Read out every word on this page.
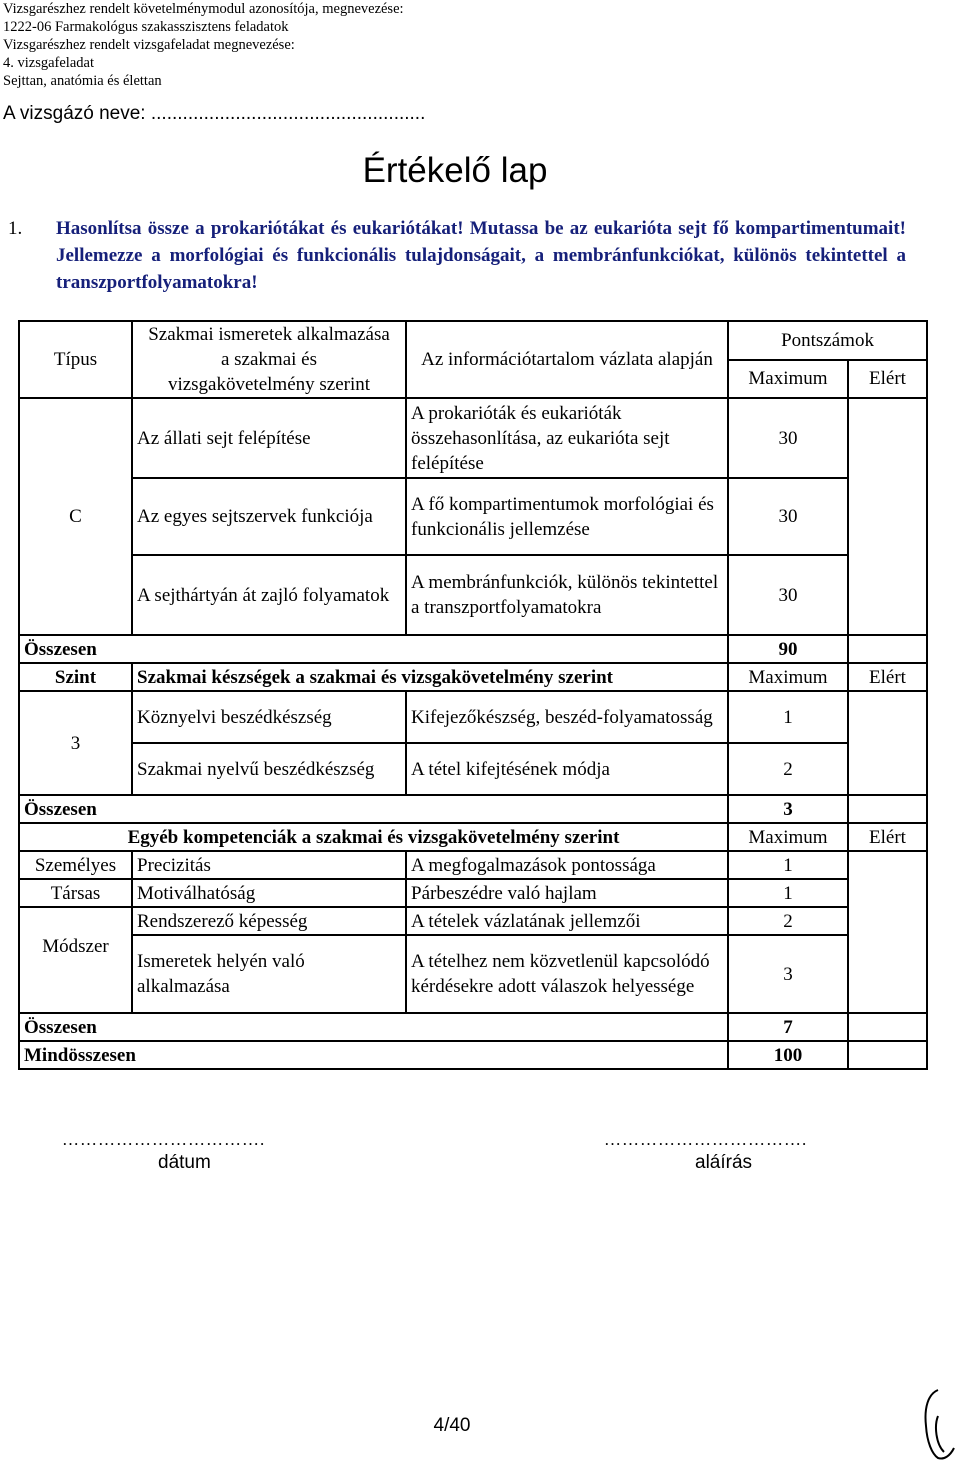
Vizsgarészhez rendelt követelménymodul azonosítója, megnevezése:
1222-06 Farmakológus szakasszisztens feladatok
Vizsgarészhez rendelt vizsgafeladat megnevezése:
4. vizsgafeladat
Sejttan, anatómia és élettan
A vizsgázó neve: ....................................................
Értékelő lap
1. Hasonlítsa össze a prokariótákat és eukariótákat! Mutassa be az eukarióta sejt fő kompartimentumait! Jellemezze a morfológiai és funkcionális tulajdonságait, a membránfunkciókat, különös tekintettel a transzportfolyamatokra!
Típus	Szakmai ismeretek alkalmazása a szakmai és vizsgakövetelmény szerint	Az információtartalom vázlata alapján	Pontszámok	
			Maximum	Elért
C	Az állati sejt felépítése	A prokarióták és eukarióták összehasonlítása, az eukarióta sejt felépítése	30	
	Az egyes sejtszervek funkciója	A fő kompartimentumok morfológiai és funkcionális jellemzése	30	
	A sejthártyán át zajló folyamatok	A membránfunkciók, különös tekintettel a transzportfolyamatokra	30	
Összesen			90	
Szint	Szakmai készségek a szakmai és vizsgakövetelmény szerint		Maximum	Elért
3	Köznyelvi beszédkészség	Kifejezőkészség, beszéd-folyamatosság	1	
	Szakmai nyelvű beszédkészség	A tétel kifejtésének módja	2	
Összesen			3	
Egyéb kompetenciák a szakmai és vizsgakövetelmény szerint			Maximum	Elért
Személyes	Precizitás	A megfogalmazások pontossága	1	
Társas	Motiválhatóság	Párbeszédre való hajlam	1	
Módszer	Rendszerező képesség	A tételek vázlatának jellemzői	2	
	Ismeretek helyén való alkalmazása	A tételhez nem közvetlenül kapcsolódó kérdésekre adott válaszok helyessége	3	
Összesen			7	
Mindösszesen			100	
…………………………….
dátum
…………………………….
aláírás
4/40
